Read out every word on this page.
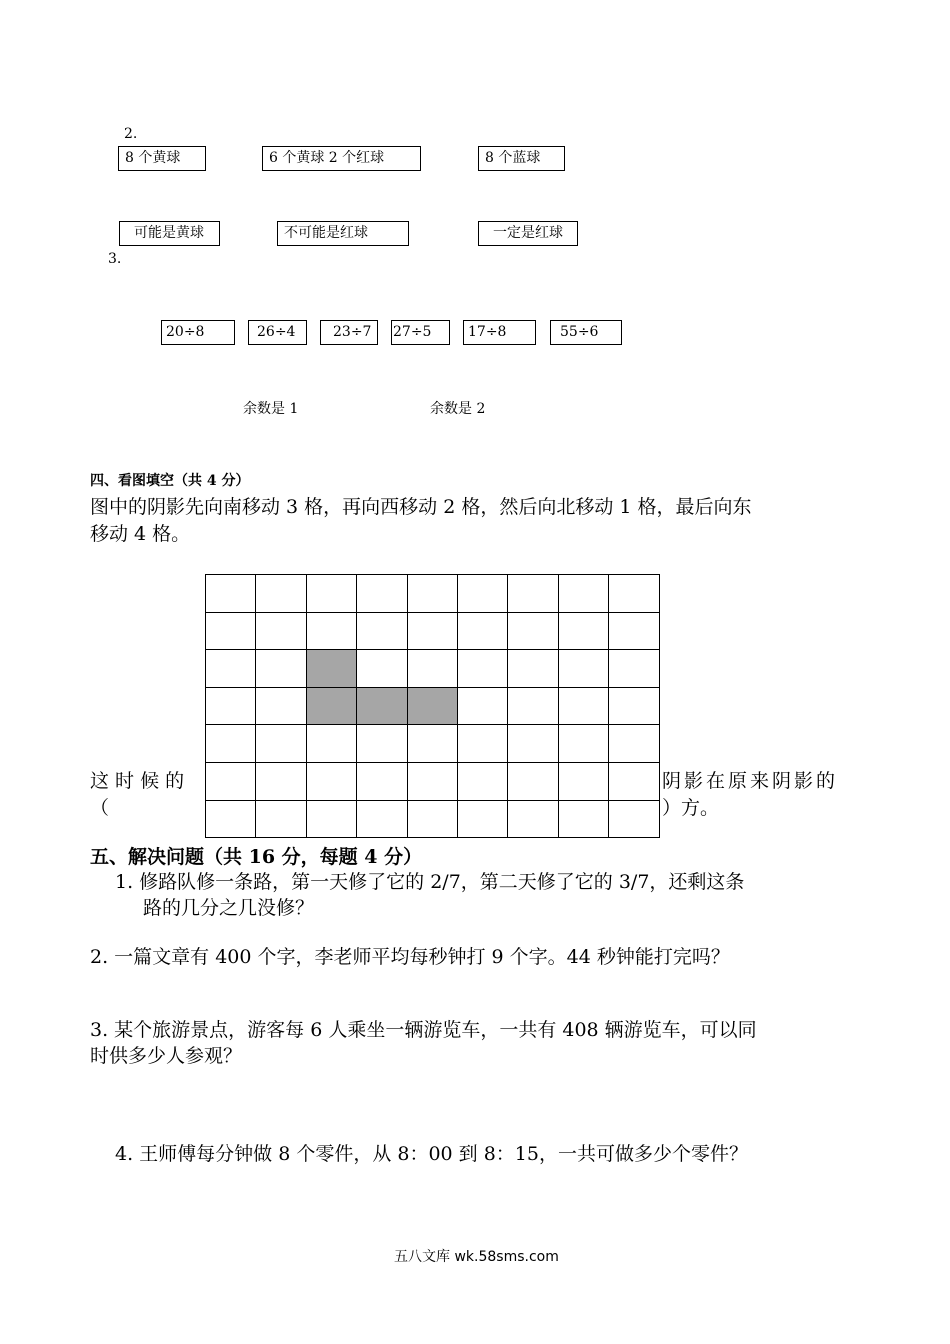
2.
8 个黄球	6 个黄球 2 个红球	8 个蓝球
可能是黄球	不可能是红球	一定是红球
3.
20÷8	26÷4	23÷7	27÷5	17÷8	55÷6
余数是 1	余数是 2
四、看图填空（共 4 分）
图中的阴影先向南移动 3 格，再向西移动 2 格，然后向北移动 1 格，最后向东
移动 4 格。
这 时 候 的
（
阴影在原来阴影的
）方。
五、解决问题（共 16 分，每题 4 分）
1. 修路队修一条路，第一天修了它的 2/7，第二天修了它的 3/7，还剩这条
路的几分之几没修？
2. 一篇文章有 400 个字，李老师平均每秒钟打 9 个字。44 秒钟能打完吗？
3. 某个旅游景点，游客每 6 人乘坐一辆游览车，一共有 408 辆游览车，可以同
时供多少人参观？
4. 王师傅每分钟做 8 个零件，从 8：00 到 8：15，一共可做多少个零件？
五八文库 wk.58sms.com
